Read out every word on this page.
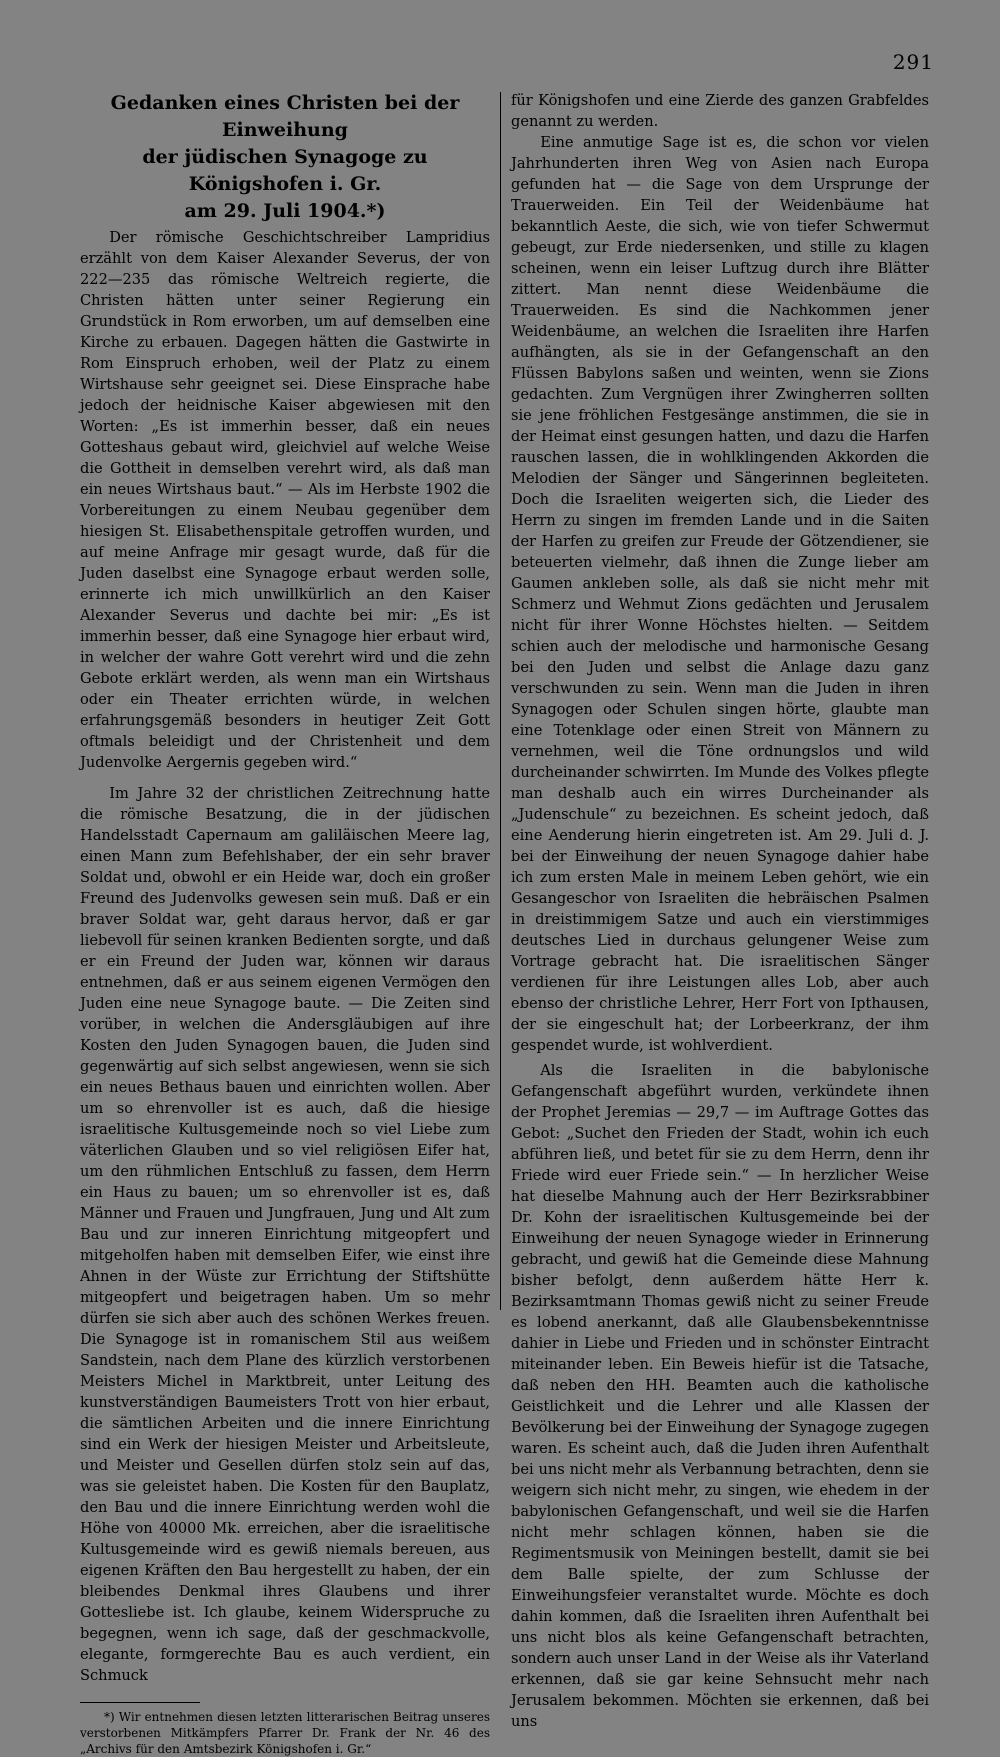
291
Gedanken eines Christen bei der Einweihung
der jüdischen Synagoge zu Königshofen i. Gr.
am 29. Juli 1904.*)

Der römische Geschichtschreiber Lampridius erzählt von dem Kaiser Alexander Severus, der von 222—235 das römische Weltreich regierte, die Christen hätten unter seiner Regierung ein Grundstück in Rom erworben, um auf demselben eine Kirche zu erbauen. Dagegen hätten die Gastwirte in Rom Einspruch erhoben, weil der Platz zu einem Wirtshause sehr geeignet sei. Diese Einsprache habe jedoch der heidnische Kaiser abgewiesen mit den Worten: „Es ist immerhin besser, daß ein neues Gotteshaus gebaut wird, gleichviel auf welche Weise die Gottheit in demselben verehrt wird, als daß man ein neues Wirtshaus baut.“ — Als im Herbste 1902 die Vorbereitungen zu einem Neubau gegenüber dem hiesigen St. Elisabethenspitale getroffen wurden, und auf meine Anfrage mir gesagt wurde, daß für die Juden daselbst eine Synagoge erbaut werden solle, erinnerte ich mich unwillkürlich an den Kaiser Alexander Severus und dachte bei mir: „Es ist immerhin besser, daß eine Synagoge hier erbaut wird, in welcher der wahre Gott verehrt wird und die zehn Gebote erklärt werden, als wenn man ein Wirtshaus oder ein Theater errichten würde, in welchen erfahrungsgemäß besonders in heutiger Zeit Gott oftmals beleidigt und der Christenheit und dem Judenvolke Aergernis gegeben wird.“

Im Jahre 32 der christlichen Zeitrechnung hatte die römische Besatzung, die in der jüdischen Handelsstadt Capernaum am galiläischen Meere lag, einen Mann zum Befehlshaber, der ein sehr braver Soldat und, obwohl er ein Heide war, doch ein großer Freund des Judenvolks gewesen sein muß. Daß er ein braver Soldat war, geht daraus hervor, daß er gar liebevoll für seinen kranken Bedienten sorgte, und daß er ein Freund der Juden war, können wir daraus entnehmen, daß er aus seinem eigenen Vermögen den Juden eine neue Synagoge baute. — Die Zeiten sind vorüber, in welchen die Andersgläubigen auf ihre Kosten den Juden Synagogen bauen, die Juden sind gegenwärtig auf sich selbst angewiesen, wenn sie sich ein neues Bethaus bauen und einrichten wollen. Aber um so ehrenvoller ist es auch, daß die hiesige israelitische Kultusgemeinde noch so viel Liebe zum väterlichen Glauben und so viel religiösen Eifer hat, um den rühmlichen Entschluß zu fassen, dem Herrn ein Haus zu bauen; um so ehrenvoller ist es, daß Männer und Frauen und Jungfrauen, Jung und Alt zum Bau und zur inneren Einrichtung mitgeopfert und mitgeholfen haben mit demselben Eifer, wie einst ihre Ahnen in der Wüste zur Errichtung der Stiftshütte mitgeopfert und beigetragen haben. Um so mehr dürfen sie sich aber auch des schönen Werkes freuen. Die Synagoge ist in romanischem Stil aus weißem Sandstein, nach dem Plane des kürzlich verstorbenen Meisters Michel in Marktbreit, unter Leitung des kunstverständigen Baumeisters Trott von hier erbaut, die sämtlichen Arbeiten und die innere Einrichtung sind ein Werk der hiesigen Meister und Arbeitsleute, und Meister und Gesellen dürfen stolz sein auf das, was sie geleistet haben. Die Kosten für den Bauplatz, den Bau und die innere Einrichtung werden wohl die Höhe von 40000 Mk. erreichen, aber die israelitische Kultusgemeinde wird es gewiß niemals bereuen, aus eigenen Kräften den Bau hergestellt zu haben, der ein bleibendes Denkmal ihres Glaubens und ihrer Gottesliebe ist. Ich glaube, keinem Widerspruche zu begegnen, wenn ich sage, daß der geschmackvolle, elegante, formgerechte Bau es auch verdient, ein Schmuck

*) Wir entnehmen diesen letzten litterarischen Beitrag unseres verstorbenen Mitkämpfers Pfarrer Dr. Frank der Nr. 46 des „Archivs für den Amtsbezirk Königshofen i. Gr.“

für Königshofen und eine Zierde des ganzen Grabfeldes genannt zu werden.

Eine anmutige Sage ist es, die schon vor vielen Jahrhunderten ihren Weg von Asien nach Europa gefunden hat — die Sage von dem Ursprunge der Trauerweiden. Ein Teil der Weidenbäume hat bekanntlich Aeste, die sich, wie von tiefer Schwermut gebeugt, zur Erde niedersenken, und stille zu klagen scheinen, wenn ein leiser Luftzug durch ihre Blätter zittert. Man nennt diese Weidenbäume die Trauerweiden. Es sind die Nachkommen jener Weidenbäume, an welchen die Israeliten ihre Harfen aufhängten, als sie in der Gefangenschaft an den Flüssen Babylons saßen und weinten, wenn sie Zions gedachten. Zum Vergnügen ihrer Zwingherren sollten sie jene fröhlichen Festgesänge anstimmen, die sie in der Heimat einst gesungen hatten, und dazu die Harfen rauschen lassen, die in wohlklingenden Akkorden die Melodien der Sänger und Sängerinnen begleiteten. Doch die Israeliten weigerten sich, die Lieder des Herrn zu singen im fremden Lande und in die Saiten der Harfen zu greifen zur Freude der Götzendiener, sie beteuerten vielmehr, daß ihnen die Zunge lieber am Gaumen ankleben solle, als daß sie nicht mehr mit Schmerz und Wehmut Zions gedächten und Jerusalem nicht für ihrer Wonne Höchstes hielten. — Seitdem schien auch der melodische und harmonische Gesang bei den Juden und selbst die Anlage dazu ganz verschwunden zu sein. Wenn man die Juden in ihren Synagogen oder Schulen singen hörte, glaubte man eine Totenklage oder einen Streit von Männern zu vernehmen, weil die Töne ordnungslos und wild durcheinander schwirrten. Im Munde des Volkes pflegte man deshalb auch ein wirres Durcheinander als „Judenschule“ zu bezeichnen. Es scheint jedoch, daß eine Aenderung hierin eingetreten ist. Am 29. Juli d. J. bei der Einweihung der neuen Synagoge dahier habe ich zum ersten Male in meinem Leben gehört, wie ein Gesangeschor von Israeliten die hebräischen Psalmen in dreistimmigem Satze und auch ein vierstimmiges deutsches Lied in durchaus gelungener Weise zum Vortrage gebracht hat. Die israelitischen Sänger verdienen für ihre Leistungen alles Lob, aber auch ebenso der christliche Lehrer, Herr Fort von Ipthausen, der sie eingeschult hat; der Lorbeerkranz, der ihm gespendet wurde, ist wohlverdient.

Als die Israeliten in die babylonische Gefangenschaft abgeführt wurden, verkündete ihnen der Prophet Jeremias — 29,7 — im Auftrage Gottes das Gebot: „Suchet den Frieden der Stadt, wohin ich euch abführen ließ, und betet für sie zu dem Herrn, denn ihr Friede wird euer Friede sein.“ — In herzlicher Weise hat dieselbe Mahnung auch der Herr Bezirksrabbiner Dr. Kohn der israelitischen Kultusgemeinde bei der Einweihung der neuen Synagoge wieder in Erinnerung gebracht, und gewiß hat die Gemeinde diese Mahnung bisher befolgt, denn außerdem hätte Herr k. Bezirksamtmann Thomas gewiß nicht zu seiner Freude es lobend anerkannt, daß alle Glaubensbekenntnisse dahier in Liebe und Frieden und in schönster Eintracht miteinander leben. Ein Beweis hiefür ist die Tatsache, daß neben den HH. Beamten auch die katholische Geistlichkeit und die Lehrer und alle Klassen der Bevölkerung bei der Einweihung der Synagoge zugegen waren. Es scheint auch, daß die Juden ihren Aufenthalt bei uns nicht mehr als Verbannung betrachten, denn sie weigern sich nicht mehr, zu singen, wie ehedem in der babylonischen Gefangenschaft, und weil sie die Harfen nicht mehr schlagen können, haben sie die Regimentsmusik von Meiningen bestellt, damit sie bei dem Balle spielte, der zum Schlusse der Einweihungsfeier veranstaltet wurde. Möchte es doch dahin kommen, daß die Israeliten ihren Aufenthalt bei uns nicht blos als keine Gefangenschaft betrachten, sondern auch unser Land in der Weise als ihr Vaterland erkennen, daß sie gar keine Sehnsucht mehr nach Jerusalem bekommen. Möchten sie erkennen, daß bei uns
